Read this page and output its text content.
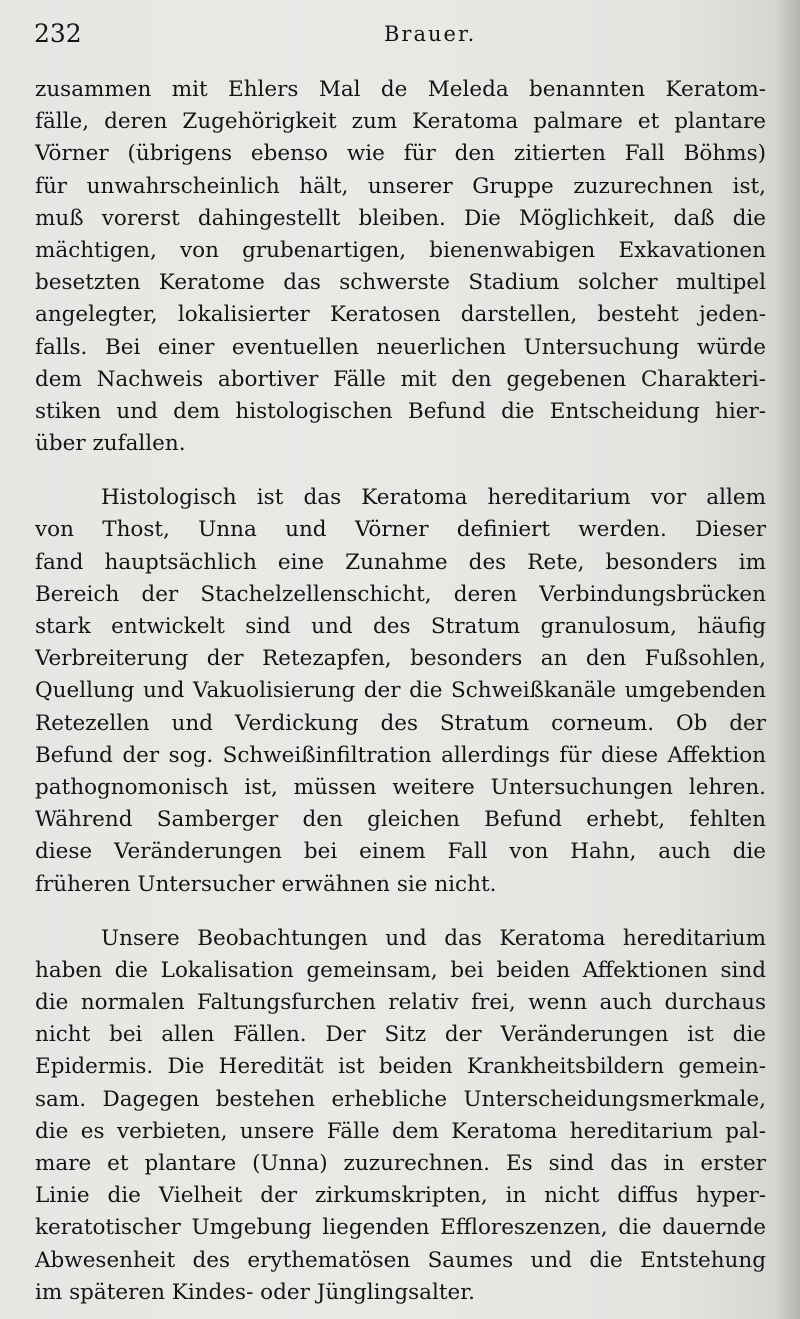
232	Brauer.
zusammen mit Ehlers Mal de Meleda benannten Keratom-
fälle, deren Zugehörigkeit zum Keratoma palmare et plantare
Vörner (übrigens ebenso wie für den zitierten Fall Böhms)
für unwahrscheinlich hält, unserer Gruppe zuzurechnen ist,
muß vorerst dahingestellt bleiben. Die Möglichkeit, daß die
mächtigen, von grubenartigen, bienenwabigen Exkavationen
besetzten Keratome das schwerste Stadium solcher multipel
angelegter, lokalisierter Keratosen darstellen, besteht jeden-
falls. Bei einer eventuellen neuerlichen Untersuchung würde
dem Nachweis abortiver Fälle mit den gegebenen Charakteri-
stiken und dem histologischen Befund die Entscheidung hier-
über zufallen.
Histologisch ist das Keratoma hereditarium vor allem
von Thost, Unna und Vörner definiert werden. Dieser
fand hauptsächlich eine Zunahme des Rete, besonders im
Bereich der Stachelzellenschicht, deren Verbindungsbrücken
stark entwickelt sind und des Stratum granulosum, häufig
Verbreiterung der Retezapfen, besonders an den Fußsohlen,
Quellung und Vakuolisierung der die Schweißkanäle umgebenden
Retezellen und Verdickung des Stratum corneum. Ob der
Befund der sog. Schweißinfiltration allerdings für diese Affektion
pathognomonisch ist, müssen weitere Untersuchungen lehren.
Während Samberger den gleichen Befund erhebt, fehlten
diese Veränderungen bei einem Fall von Hahn, auch die
früheren Untersucher erwähnen sie nicht.
Unsere Beobachtungen und das Keratoma hereditarium
haben die Lokalisation gemeinsam, bei beiden Affektionen sind
die normalen Faltungsfurchen relativ frei, wenn auch durchaus
nicht bei allen Fällen. Der Sitz der Veränderungen ist die
Epidermis. Die Heredität ist beiden Krankheitsbildern gemein-
sam. Dagegen bestehen erhebliche Unterscheidungsmerkmale,
die es verbieten, unsere Fälle dem Keratoma hereditarium pal-
mare et plantare (Unna) zuzurechnen. Es sind das in erster
Linie die Vielheit der zirkumskripten, in nicht diffus hyper-
keratotischer Umgebung liegenden Effloreszenzen, die dauernde
Abwesenheit des erythematösen Saumes und die Entstehung
im späteren Kindes- oder Jünglingsalter.
